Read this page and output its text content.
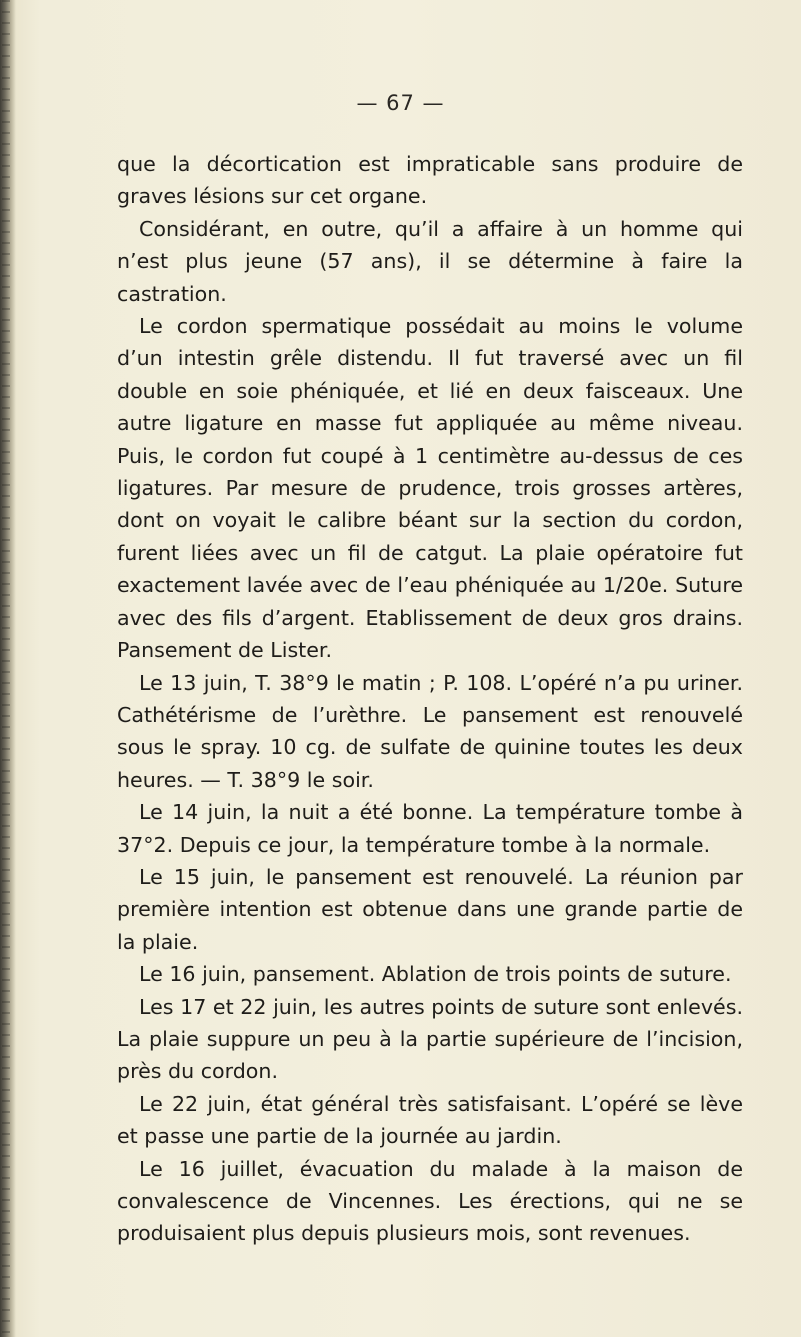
— 67 —

que la décortication est impraticable sans produire de graves lésions sur cet organe.

Considérant, en outre, qu’il a affaire à un homme qui n’est plus jeune (57 ans), il se détermine à faire la castration.

Le cordon spermatique possédait au moins le volume d’un intestin grêle distendu. Il fut traversé avec un fil double en soie phéniquée, et lié en deux faisceaux. Une autre ligature en masse fut appliquée au même niveau. Puis, le cordon fut coupé à 1 centimètre au-dessus de ces ligatures. Par mesure de prudence, trois grosses artères, dont on voyait le calibre béant sur la section du cordon, furent liées avec un fil de catgut. La plaie opératoire fut exactement lavée avec de l’eau phéniquée au 1/20e. Suture avec des fils d’argent. Etablissement de deux gros drains. Pansement de Lister.

Le 13 juin, T. 38°9 le matin ; P. 108. L’opéré n’a pu uriner. Cathétérisme de l’urèthre. Le pansement est renouvelé sous le spray. 10 cg. de sulfate de quinine toutes les deux heures. — T. 38°9 le soir.

Le 14 juin, la nuit a été bonne. La température tombe à 37°2. Depuis ce jour, la température tombe à la normale.

Le 15 juin, le pansement est renouvelé. La réunion par première intention est obtenue dans une grande partie de la plaie.

Le 16 juin, pansement. Ablation de trois points de suture.

Les 17 et 22 juin, les autres points de suture sont enlevés. La plaie suppure un peu à la partie supérieure de l’incision, près du cordon.

Le 22 juin, état général très satisfaisant. L’opéré se lève et passe une partie de la journée au jardin.

Le 16 juillet, évacuation du malade à la maison de convalescence de Vincennes. Les érections, qui ne se produisaient plus depuis plusieurs mois, sont revenues.
